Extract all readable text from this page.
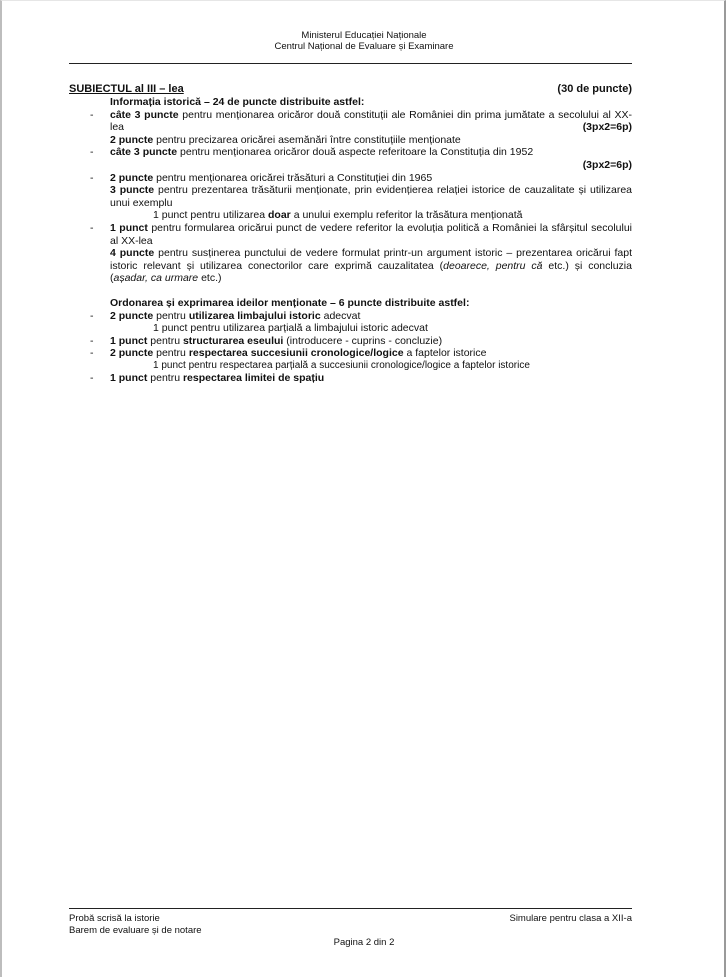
Ministerul Educației Naționale
Centrul Național de Evaluare și Examinare
SUBIECTUL al III – lea	(30 de puncte)
Informația istorică – 24 de puncte distribuite astfel:
- câte 3 puncte pentru menționarea oricăror două constituții ale României din prima jumătate a secolului al XX-lea	(3px2=6p)
2 puncte pentru precizarea oricărei asemănări între constituțiile menționate
- câte 3 puncte pentru menționarea oricăror două aspecte referitoare la Constituția din 1952
(3px2=6p)
- 2 puncte pentru menționarea oricărei trăsături a Constituției din 1965
3 puncte pentru prezentarea trăsăturii menționate, prin evidențierea relației istorice de cauzalitate și utilizarea unui exemplu
1 punct pentru utilizarea doar a unului exemplu referitor la trăsătura menționată
- 1 punct pentru formularea oricărui punct de vedere referitor la evoluția politică a României la sfârșitul secolului al XX-lea
4 puncte pentru susținerea punctului de vedere formulat printr-un argument istoric – prezentarea oricărui fapt istoric relevant și utilizarea conectorilor care exprimă cauzalitatea (deoarece, pentru că etc.) și concluzia (așadar, ca urmare etc.)
Ordonarea și exprimarea ideilor menționate – 6 puncte distribuite astfel:
- 2 puncte pentru utilizarea limbajului istoric adecvat
1 punct pentru utilizarea parțială a limbajului istoric adecvat
- 1 punct pentru structurarea eseului (introducere - cuprins - concluzie)
- 2 puncte pentru respectarea succesiunii cronologice/logice a faptelor istorice
1 punct pentru respectarea parțială a succesiunii cronologice/logice a faptelor istorice
- 1 punct pentru respectarea limitei de spațiu
Probă scrisă la istorie
Barem de evaluare și de notare
Simulare pentru clasa a XII-a
Pagina 2 din 2
